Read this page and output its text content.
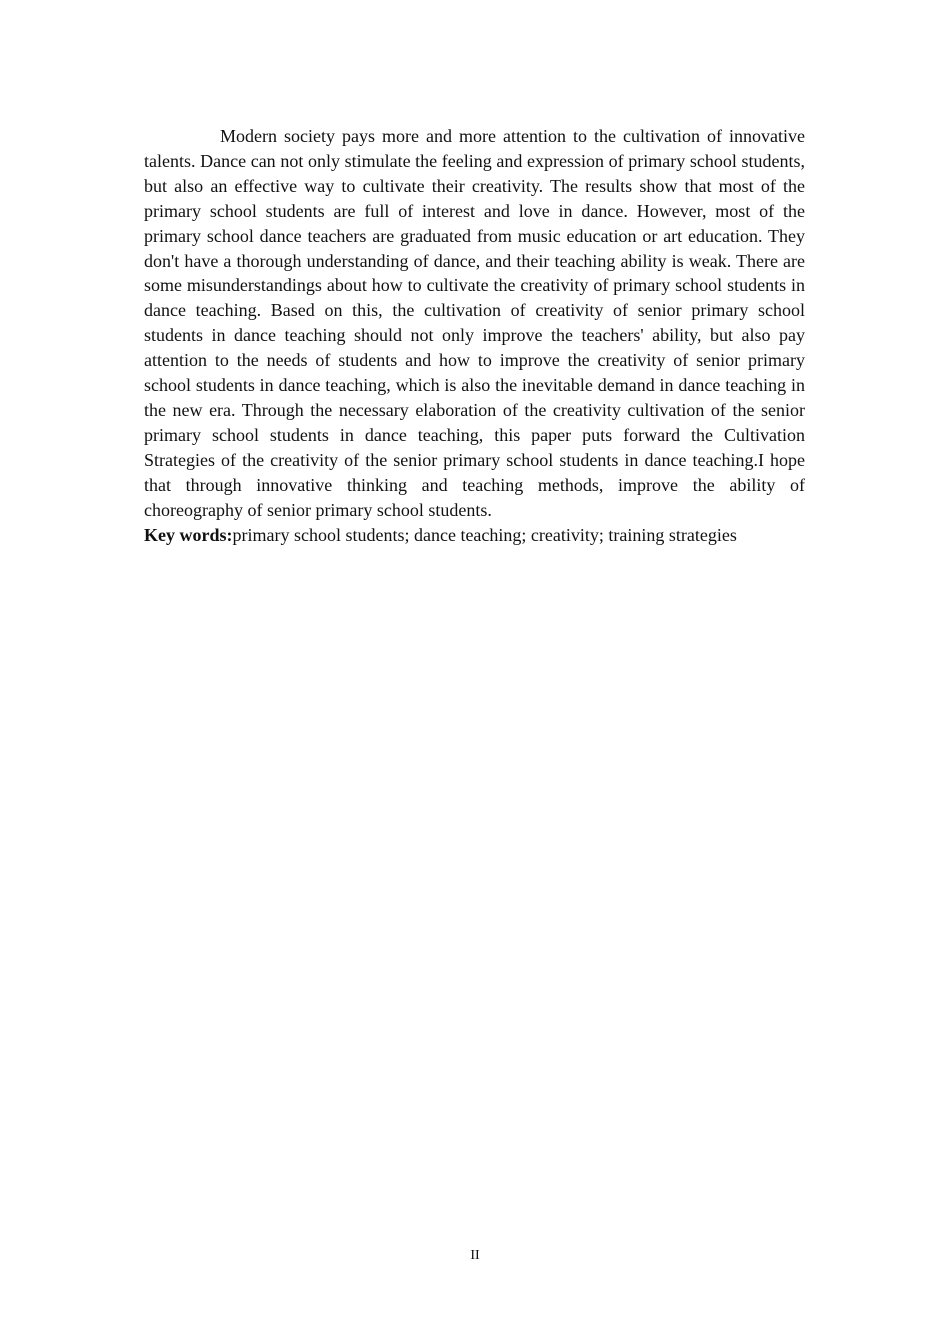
Modern society pays more and more attention to the cultivation of innovative talents. Dance can not only stimulate the feeling and expression of primary school students, but also an effective way to cultivate their creativity. The results show that most of the primary school students are full of interest and love in dance. However, most of the primary school dance teachers are graduated from music education or art education. They don't have a thorough understanding of dance, and their teaching ability is weak. There are some misunderstandings about how to cultivate the creativity of primary school students in dance teaching. Based on this, the cultivation of creativity of senior primary school students in dance teaching should not only improve the teachers' ability, but also pay attention to the needs of students and how to improve the creativity of senior primary school students in dance teaching, which is also the inevitable demand in dance teaching in the new era. Through the necessary elaboration of the creativity cultivation of the senior primary school students in dance teaching, this paper puts forward the Cultivation Strategies of the creativity of the senior primary school students in dance teaching.I hope that through innovative thinking and teaching methods, improve the ability of choreography of senior primary school students.

Key words:primary school students; dance teaching; creativity; training strategies

II
